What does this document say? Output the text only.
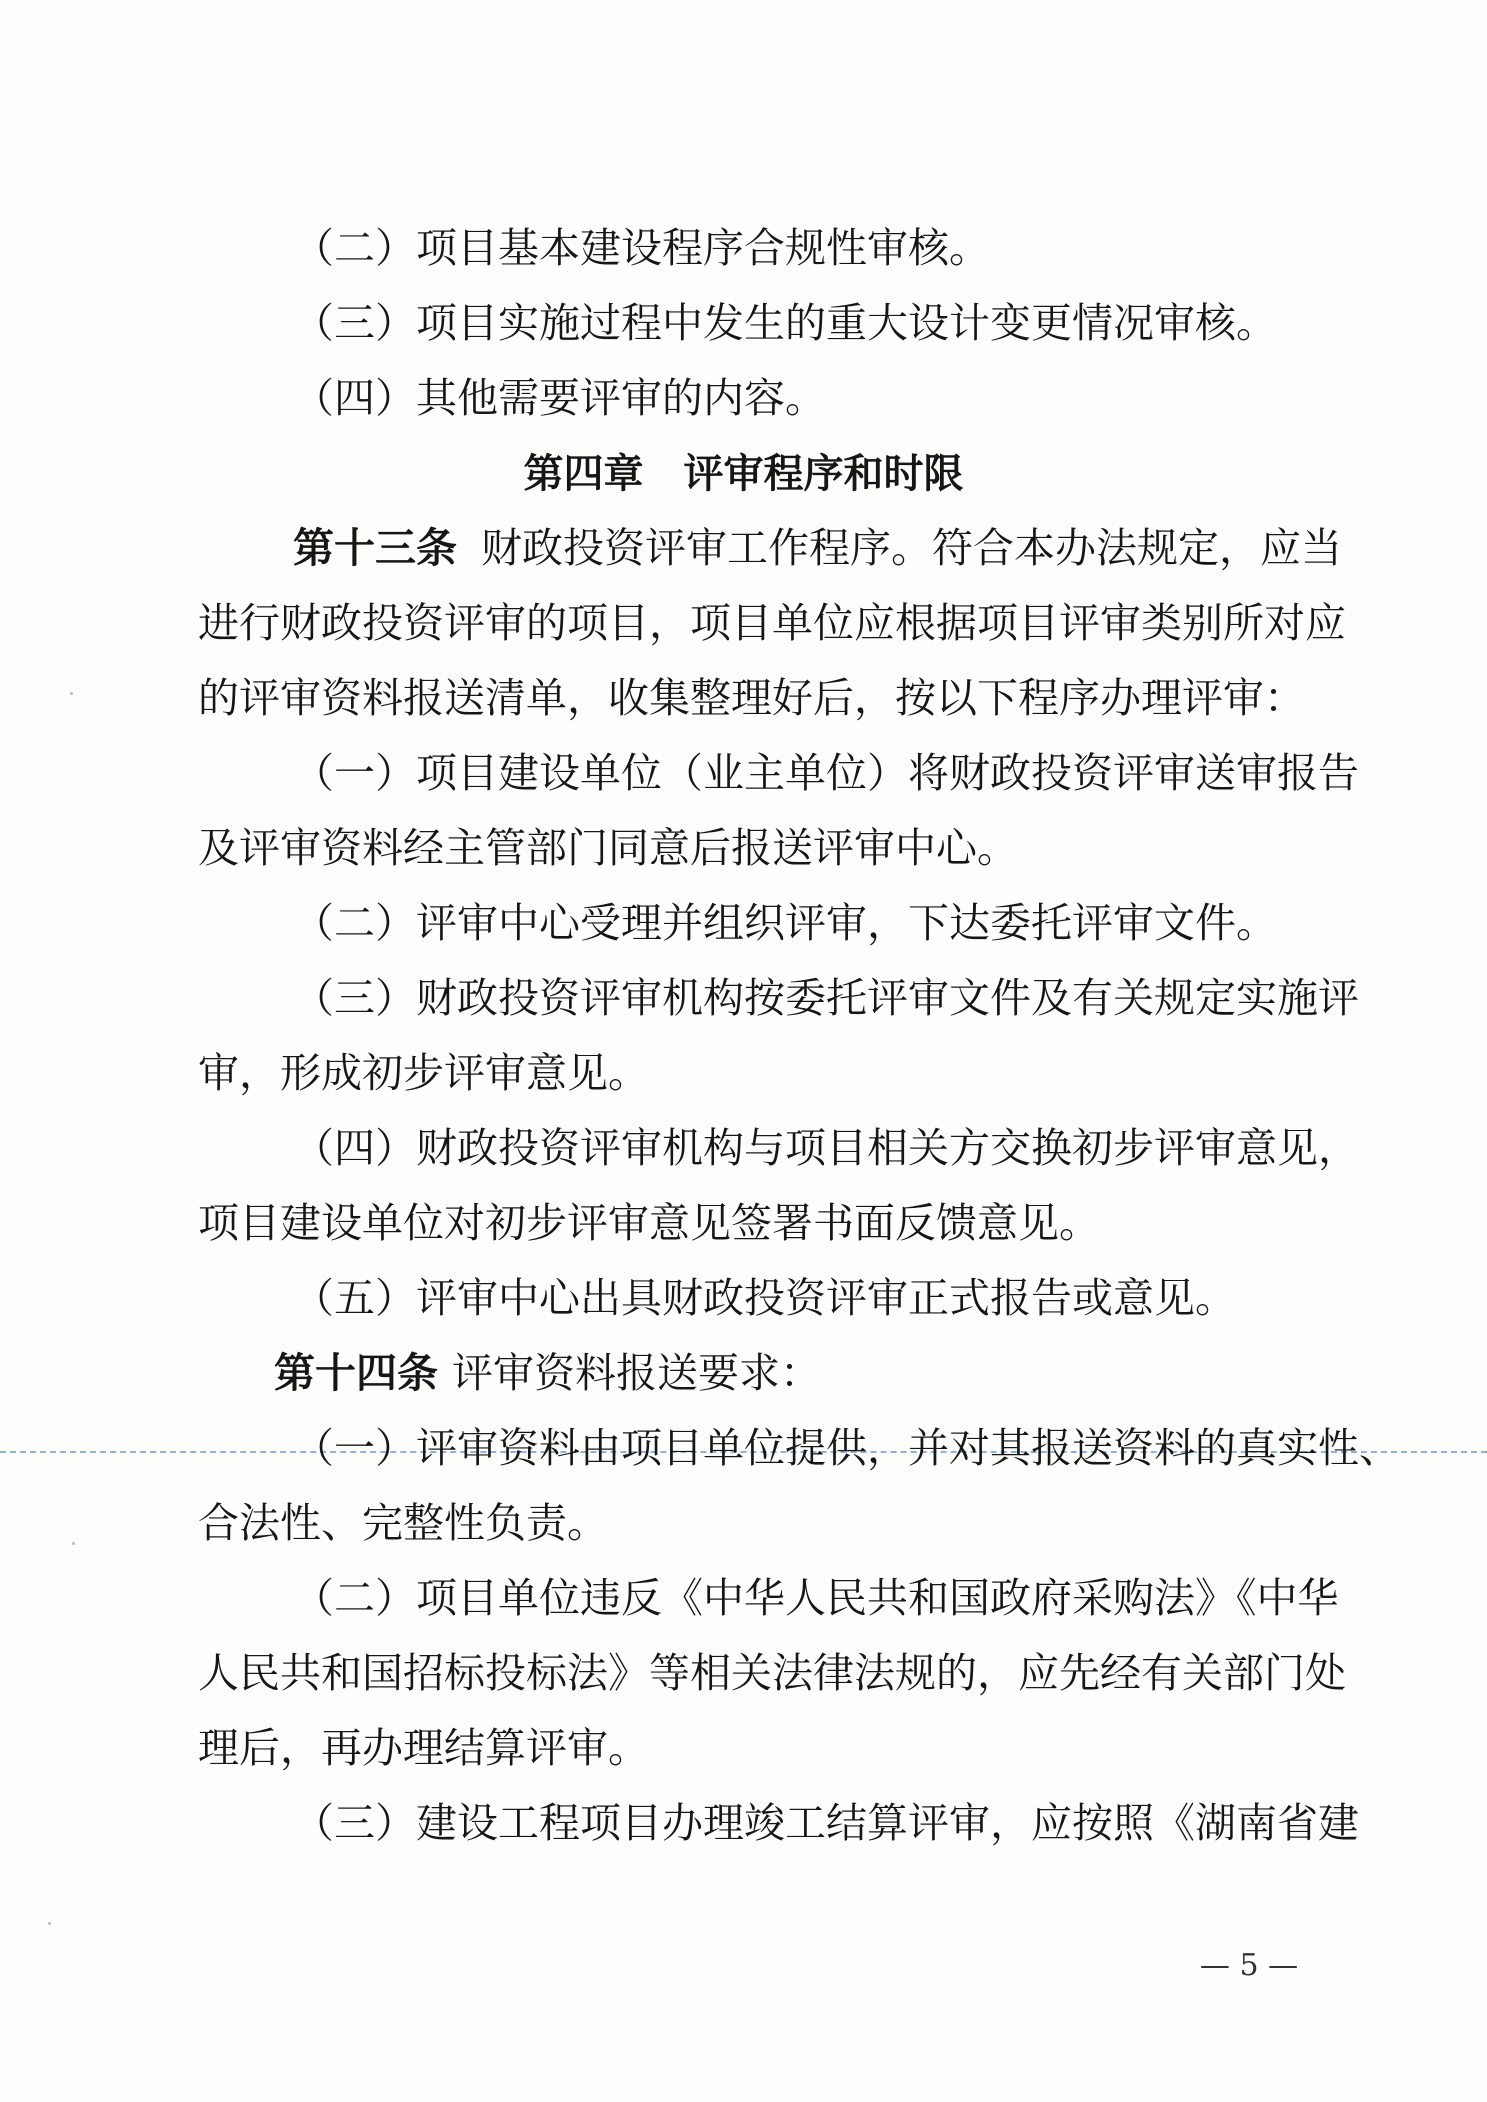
（二）项目基本建设程序合规性审核。

（三）项目实施过程中发生的重大设计变更情况审核。

（四）其他需要评审的内容。

第四章 评审程序和时限

第十三条 财政投资评审工作程序。符合本办法规定，应当

进行财政投资评审的项目，项目单位应根据项目评审类别所对应

的评审资料报送清单，收集整理好后，按以下程序办理评审：

（一）项目建设单位（业主单位）将财政投资评审送审报告

及评审资料经主管部门同意后报送评审中心。

（二）评审中心受理并组织评审，下达委托评审文件。

（三）财政投资评审机构按委托评审文件及有关规定实施评

审，形成初步评审意见。

（四）财政投资评审机构与项目相关方交换初步评审意见，

项目建设单位对初步评审意见签署书面反馈意见。

（五）评审中心出具财政投资评审正式报告或意见。

第十四条 评审资料报送要求：

（一）评审资料由项目单位提供，并对其报送资料的真实性、

合法性、完整性负责。

（二）项目单位违反《中华人民共和国政府采购法》《中华

人民共和国招标投标法》等相关法律法规的，应先经有关部门处

理后，再办理结算评审。

（三）建设工程项目办理竣工结算评审，应按照《湖南省建

— 5 —
